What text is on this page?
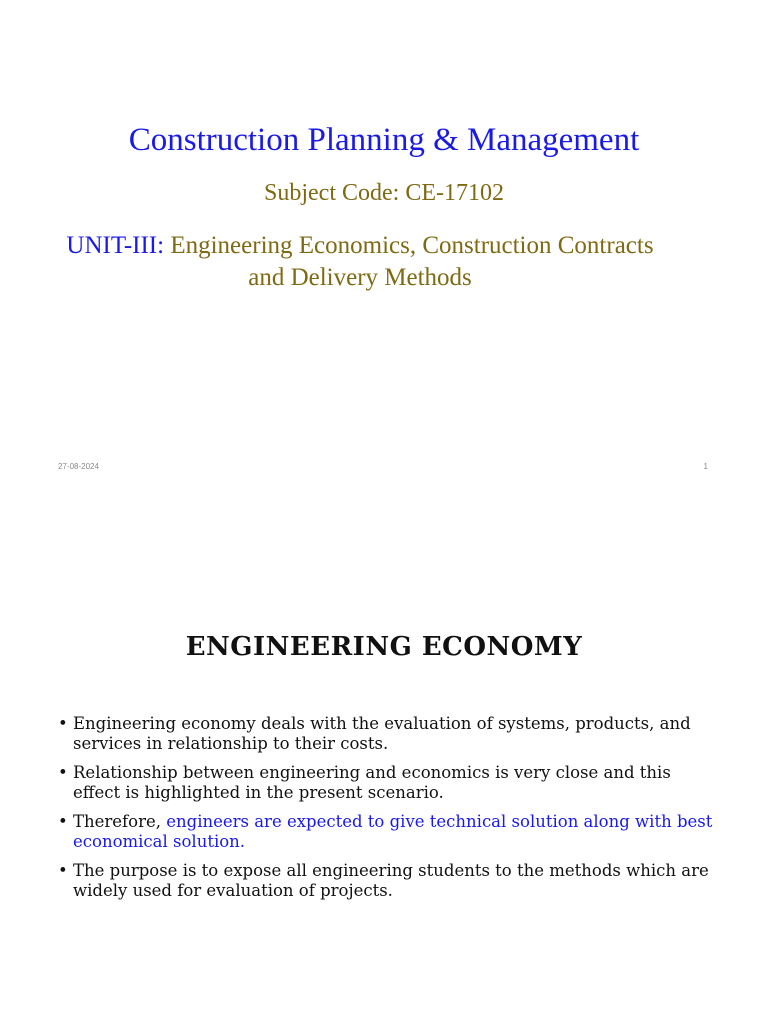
Construction Planning & Management
Subject Code: CE-17102
UNIT-III: Engineering Economics, Construction Contracts and Delivery Methods
27-08-2024	1
ENGINEERING ECONOMY
• Engineering economy deals with the evaluation of systems, products, and services in relationship to their costs.
• Relationship between engineering and economics is very close and this effect is highlighted in the present scenario.
• Therefore, engineers are expected to give technical solution along with best economical solution.
• The purpose is to expose all engineering students to the methods which are widely used for evaluation of projects.
